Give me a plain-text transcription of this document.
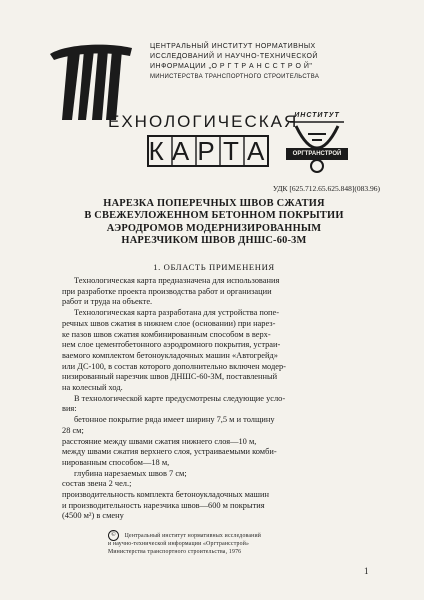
ЦЕНТРАЛЬНЫЙ ИНСТИТУТ НОРМАТИВНЫХ
ИССЛЕДОВАНИЙ И НАУЧНО-ТЕХНИЧЕСКОЙ
ИНФОРМАЦИИ „О Р Г Т Р А Н С С Т Р О Й"
МИНИСТЕРСТВА ТРАНСПОРТНОГО СТРОИТЕЛЬСТВА
ЕХНОЛОГИЧЕСКАЯ
К А Р Т А
ИНСТИТУТ
ОРГТРАНСТРОЙ
УДК [625.712.65.625.848](083.96)
НАРЕЗКА ПОПЕРЕЧНЫХ ШВОВ СЖАТИЯ
В СВЕЖЕУЛОЖЕННОМ БЕТОННОМ ПОКРЫТИИ
АЭРОДРОМОВ МОДЕРНИЗИРОВАННЫМ
НАРЕЗЧИКОМ ШВОВ ДНШС-60-3М
1. ОБЛАСТЬ ПРИМЕНЕНИЯ
Технологическая карта предназначена для использования
при разработке проекта производства работ и организации
работ и труда на объекте.
Технологическая карта разработана для устройства попе-
речных швов сжатия в нижнем слое (основании) при нарез-
ке пазов швов сжатия комбинированным способом в верх-
нем слое цементобетонного аэродромного покрытия, устраи-
ваемого комплектом бетоноукладочных машин «Автогрейд»
или ДС-100, в состав которого дополнительно включен модер-
низированный нарезчик швов ДНШС-60-3М, поставленный
на колесный ход.
В технологической карте предусмотрены следующие усло-
вия:
бетонное покрытие ряда имеет ширину 7,5 м и толщину
28 см;
расстояние между швами сжатия нижнего слоя—10 м,
между швами сжатия верхнего слоя, устраиваемыми комби-
нированным способом—18 м,
глубина нарезаемых швов 7 см;
состав звена 2 чел.;
производительность комплекта бетоноукладочных машин
и производительность нарезчика швов—600 м покрытия
(4500 м²) в смену
© Центральный институт нормативных исследований
и научно-технической информации «Оргтрансстрой»
Министерства транспортного строительства, 1976
1
